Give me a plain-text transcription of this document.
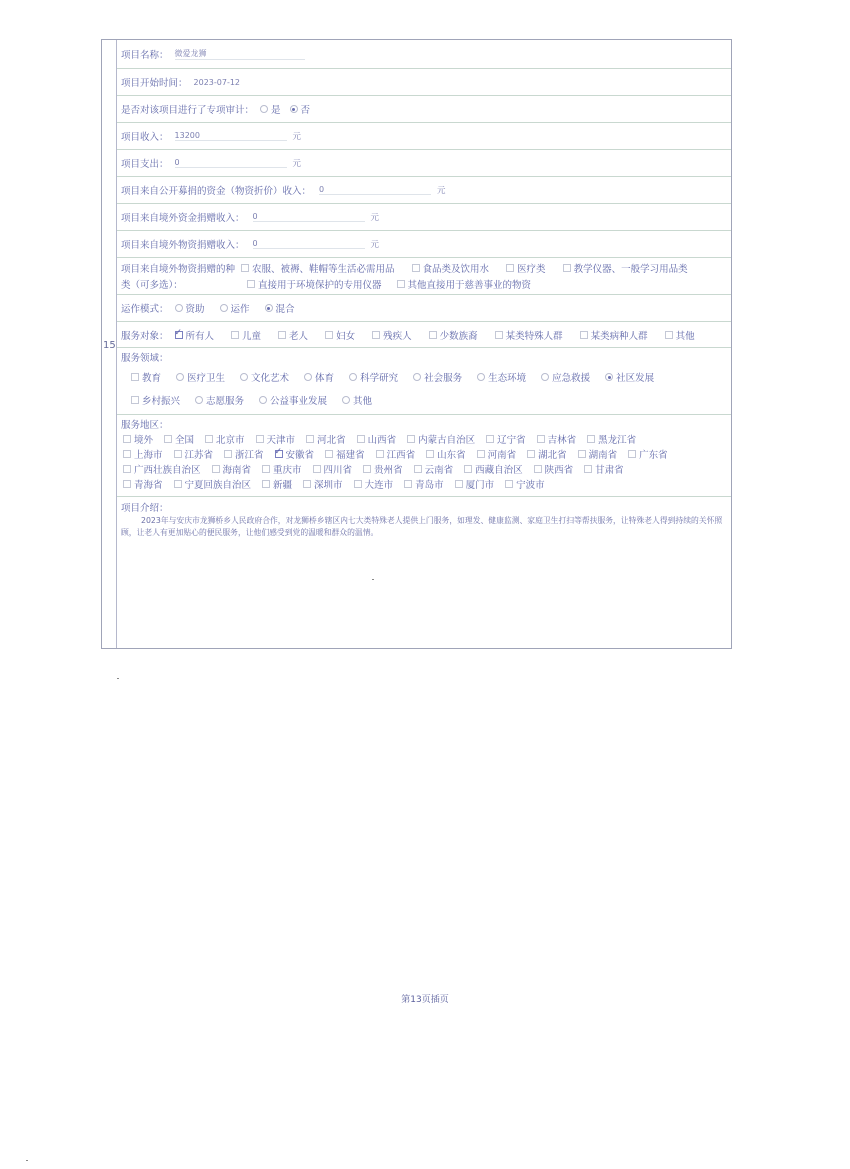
15
项目名称： 微爱龙狮
项目开始时间： 2023-07-12
是否对该项目进行了专项审计： 是 否
项目收入： 13200	元
项目支出： 0	元
项目来自公开募捐的资金（物资折价）收入： 0	元
项目来自境外资金捐赠收入： 0	元
项目来自境外物资捐赠收入： 0	元
项目来自境外物资捐赠的种 农服、被褥、鞋帽等生活必需用品	食品类及饮用水	医疗类	教学仪器、一般学习用品类
类（可多选）：	直接用于环境保护的专用仪器	其他直接用于慈善事业的物资
运作模式： 资助	运作	混合
服务对象： ✓ 所有人	儿童	老人	妇女	残疾人	少数族裔	某类特殊人群	某类病种人群	其他
服务领域：
教育	医疗卫生	文化艺术	体育	科学研究	社会服务	生态环境	应急救援	社区发展
乡村振兴	志愿服务	公益事业发展	其他
服务地区：
境外 全国 北京市 天津市 河北省 山西省 内蒙古自治区 辽宁省 吉林省 黑龙江省
上海市 江苏省 浙江省 ✓ 安徽省 福建省 江西省 山东省 河南省 湖北省 湖南省 广东省
广西壮族自治区 海南省 重庆市 四川省 贵州省 云南省 西藏自治区 陕西省 甘肃省
青海省 宁夏回族自治区 新疆 深圳市 大连市 青岛市 厦门市 宁波市
项目介绍：
2023年与安庆市龙狮桥乡人民政府合作，对龙狮桥乡辖区内七大类特殊老人提供上门服务，如理发、健康监测、家庭卫生打扫等帮扶服务，让特殊老人得到持续的关怀照顾，让老人有更加贴心的便民服务，让他们感受到党的温暖和群众的温情。
第13页插页
